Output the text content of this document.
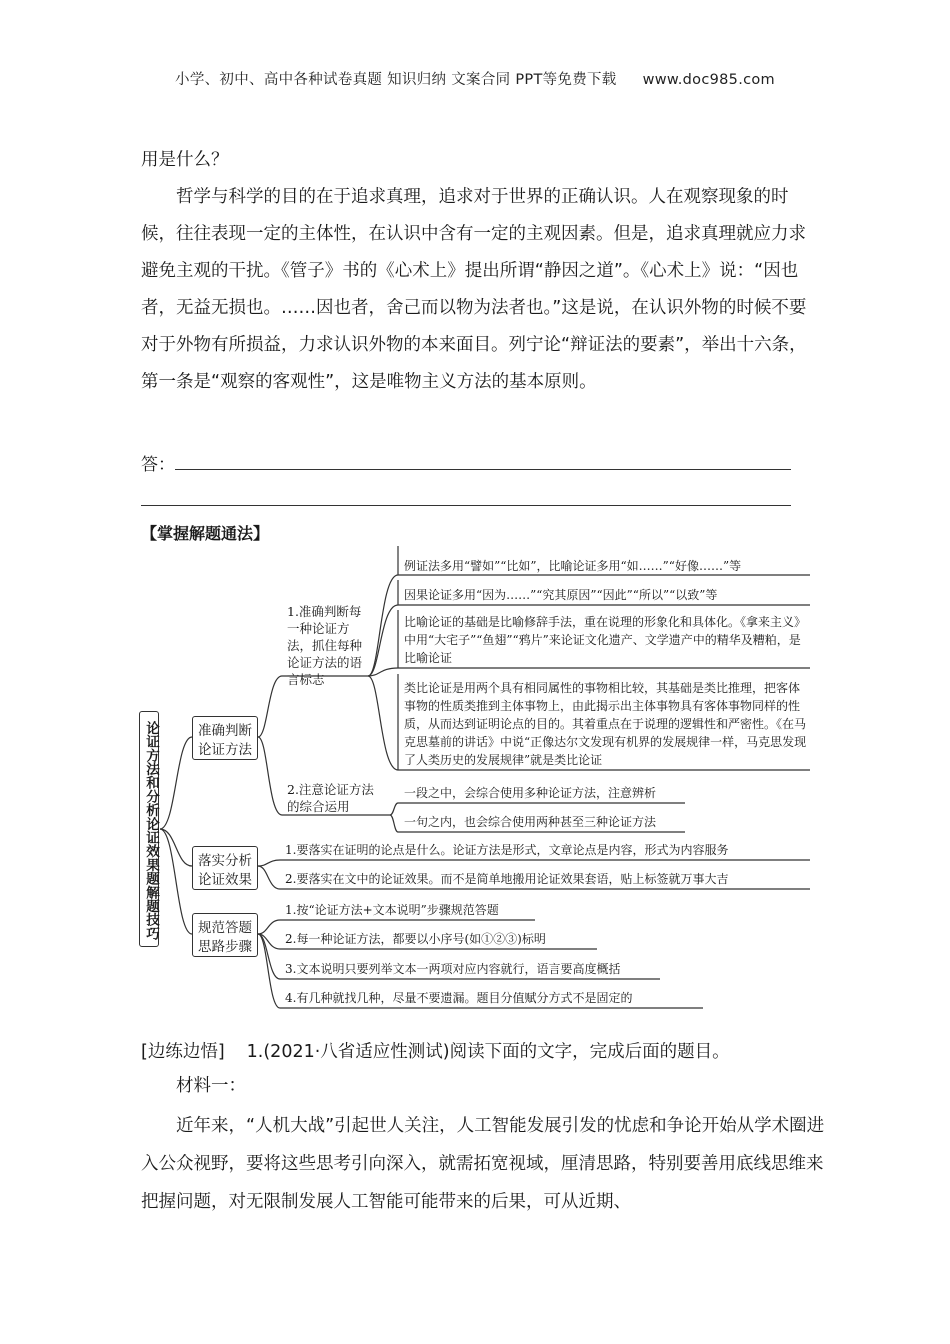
小学、初中、高中各种试卷真题 知识归纳 文案合同 PPT等免费下载 www.doc985.com
用是什么？
哲学与科学的目的在于追求真理，追求对于世界的正确认识。人在观察现象的时候，往往表现一定的主体性，在认识中含有一定的主观因素。但是，追求真理就应力求避免主观的干扰。《管子》书的《心术上》提出所谓“静因之道”。《心术上》说：“因也者，无益无损也。……因也者，舍己而以物为法者也。”这是说，在认识外物的时候不要对于外物有所损益，力求认识外物的本来面目。列宁论“辩证法的要素”，举出十六条，第一条是“观察的客观性”，这是唯物主义方法的基本原则。
答：
【掌握解题通法】
论证方法和分析论证效果题解题技巧	准确判断论证方法
落实分析论证效果
规范答题思路步骤
1.准确判断每一种论证方法，抓住每种论证方法的语言标志
2.注意论证方法的综合运用
例证法多用“譬如”“比如”，比喻论证多用“如……”“好像……”等
因果论证多用“因为……”“究其原因”“因此”“所以”“以致”等
比喻论证的基础是比喻修辞手法，重在说理的形象化和具体化。《拿来主义》中用“大宅子”“鱼翅”“鸦片”来论证文化遗产、文学遗产中的精华及糟粕，是比喻论证
类比论证是用两个具有相同属性的事物相比较，其基础是类比推理，把客体事物的性质类推到主体事物上，由此揭示出主体事物具有客体事物同样的性质，从而达到证明论点的目的。其着重点在于说理的逻辑性和严密性。《在马克思墓前的讲话》中说“正像达尔文发现有机界的发展规律一样，马克思发现了人类历史的发展规律”就是类比论证
一段之中，会综合使用多种论证方法，注意辨析
一句之内，也会综合使用两种甚至三种论证方法
1.要落实在证明的论点是什么。论证方法是形式，文章论点是内容，形式为内容服务
2.要落实在文中的论证效果。而不是简单地搬用论证效果套语，贴上标签就万事大吉
1.按“论证方法+文本说明”步骤规范答题
2.每一种论证方法，都要以小序号(如①②③)标明
3.文本说明只要列举文本一两项对应内容就行，语言要高度概括
4.有几种就找几种，尽量不要遗漏。题目分值赋分方式不是固定的
[边练边悟] 1.(2021·八省适应性测试)阅读下面的文字，完成后面的题目。
材料一：
近年来，“人机大战”引起世人关注，人工智能发展引发的忧虑和争论开始从学术圈进入公众视野，要将这些思考引向深入，就需拓宽视域，厘清思路，特别要善用底线思维来把握问题，对无限制发展人工智能可能带来的后果，可从近期、
